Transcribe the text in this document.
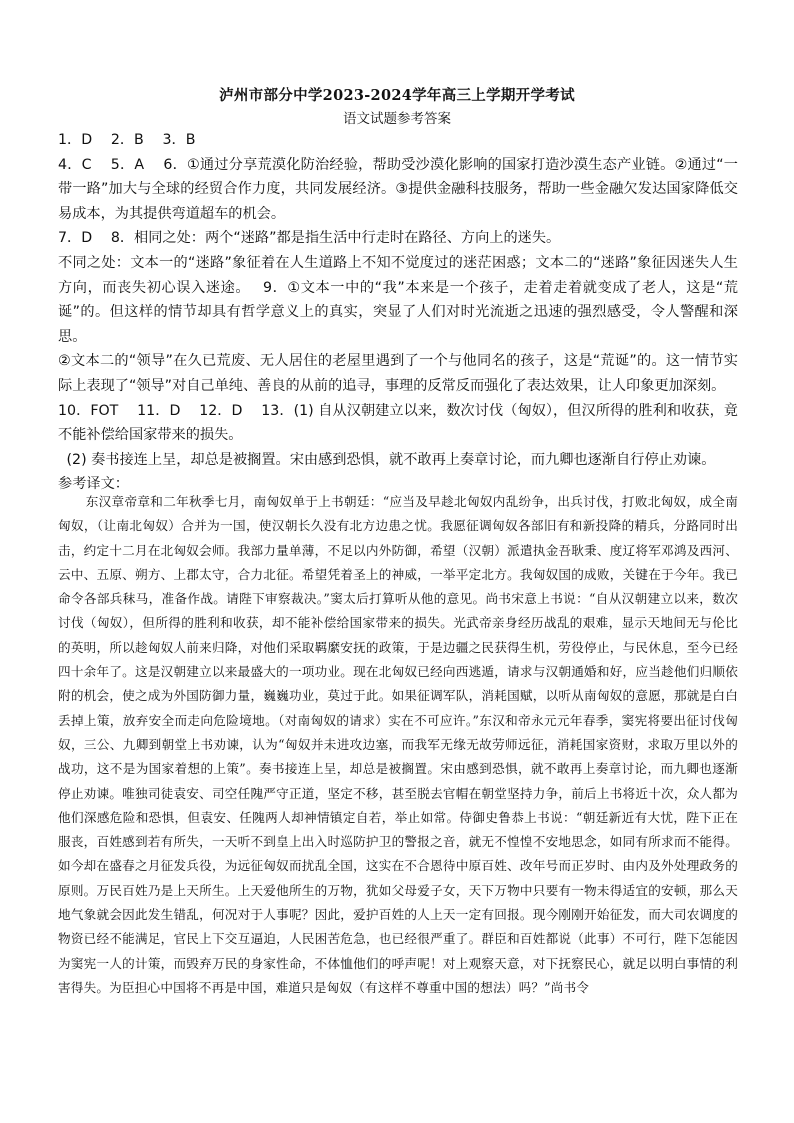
泸州市部分中学2023-2024学年高三上学期开学考试
语文试题参考答案

1．D　 2．B　 3．B

4．C　 5．A　 6．①通过分享荒漠化防治经验，帮助受沙漠化影响的国家打造沙漠生态产业链。②通过“一带一路”加大与全球的经贸合作力度，共同发展经济。③提供金融科技服务，帮助一些金融欠发达国家降低交易成本，为其提供弯道超车的机会。

7．D　 8．相同之处：两个“迷路”都是指生活中行走时在路径、方向上的迷失。

不同之处：文本一的“迷路”象征着在人生道路上不知不觉度过的迷茫困惑；文本二的“迷路”象征因迷失人生方向，而丧失初心误入迷途。　 9．①文本一中的“我”本来是一个孩子，走着走着就变成了老人，这是“荒诞”的。但这样的情节却具有哲学意义上的真实，突显了人们对时光流逝之迅速的强烈感受，令人警醒和深思。

②文本二的“领导”在久已荒废、无人居住的老屋里遇到了一个与他同名的孩子，这是“荒诞”的。这一情节实际上表现了“领导”对自己单纯、善良的从前的追寻，事理的反常反而强化了表达效果，让人印象更加深刻。

10．FOT　 11．D　 12．D　 13．(1) 自从汉朝建立以来，数次讨伐（匈奴），但汉所得的胜利和收获，竟不能补偿给国家带来的损失。

(2) 奏书接连上呈，却总是被搁置。宋由感到恐惧，就不敢再上奏章讨论，而九卿也逐渐自行停止劝谏。

参考译文：

东汉章帝章和二年秋季七月，南匈奴单于上书朝廷：“应当及早趁北匈奴内乱纷争，出兵讨伐，打败北匈奴，成全南匈奴，（让南北匈奴）合并为一国，使汉朝长久没有北方边患之忧。我愿征调匈奴各部旧有和新投降的精兵，分路同时出击，约定十二月在北匈奴会师。我部力量单薄，不足以内外防御，希望（汉朝）派遣执金吾耿秉、度辽将军邓鸿及西河、云中、五原、朔方、上郡太守，合力北征。希望凭着圣上的神威，一举平定北方。我匈奴国的成败，关键在于今年。我已命令各部兵秣马，准备作战。请陛下审察裁决。”窦太后打算听从他的意见。尚书宋意上书说：“自从汉朝建立以来，数次讨伐（匈奴），但所得的胜利和收获，却不能补偿给国家带来的损失。光武帝亲身经历战乱的艰难，显示天地间无与伦比的英明，所以趁匈奴人前来归降，对他们采取羁縻安抚的政策，于是边疆之民获得生机，劳役停止，与民休息，至今已经四十余年了。这是汉朝建立以来最盛大的一项功业。现在北匈奴已经向西逃遁，请求与汉朝通婚和好，应当趁他们归顺依附的机会，使之成为外国防御力量，巍巍功业，莫过于此。如果征调军队，消耗国赋，以听从南匈奴的意愿，那就是白白丢掉上策，放弃安全而走向危险境地。（对南匈奴的请求）实在不可应许。”东汉和帝永元元年春季，窦宪将要出征讨伐匈奴，三公、九卿到朝堂上书劝谏，认为“匈奴并未进攻边塞，而我军无缘无故劳师远征，消耗国家资财，求取万里以外的战功，这不是为国家着想的上策”。奏书接连上呈，却总是被搁置。宋由感到恐惧，就不敢再上奏章讨论，而九卿也逐渐停止劝谏。唯独司徒袁安、司空任隗严守正道，坚定不移，甚至脱去官帽在朝堂坚持力争，前后上书将近十次，众人都为他们深感危险和恐惧，但袁安、任隗两人却神情镇定自若，举止如常。侍御史鲁恭上书说：“朝廷新近有大忧，陛下正在服丧，百姓感到若有所失，一天听不到皇上出入时巡防护卫的警报之音，就无不惶惶不安地思念，如同有所求而不能得。如今却在盛春之月征发兵役，为远征匈奴而扰乱全国，这实在不合恩待中原百姓、改年号而正岁时、由内及外处理政务的原则。万民百姓乃是上天所生。上天爱他所生的万物，犹如父母爱子女，天下万物中只要有一物未得适宜的安顿，那么天地气象就会因此发生错乱，何况对于人事呢？因此，爱护百姓的人上天一定有回报。现今刚刚开始征发，而大司农调度的物资已经不能满足，官民上下交互逼迫，人民困苦危急，也已经很严重了。群臣和百姓都说（此事）不可行，陛下怎能因为窦宪一人的计策，而毁弃万民的身家性命，不体恤他们的呼声呢！对上观察天意，对下抚察民心，就足以明白事情的利害得失。为臣担心中国将不再是中国，难道只是匈奴（有这样不尊重中国的想法）吗？”尚书令
